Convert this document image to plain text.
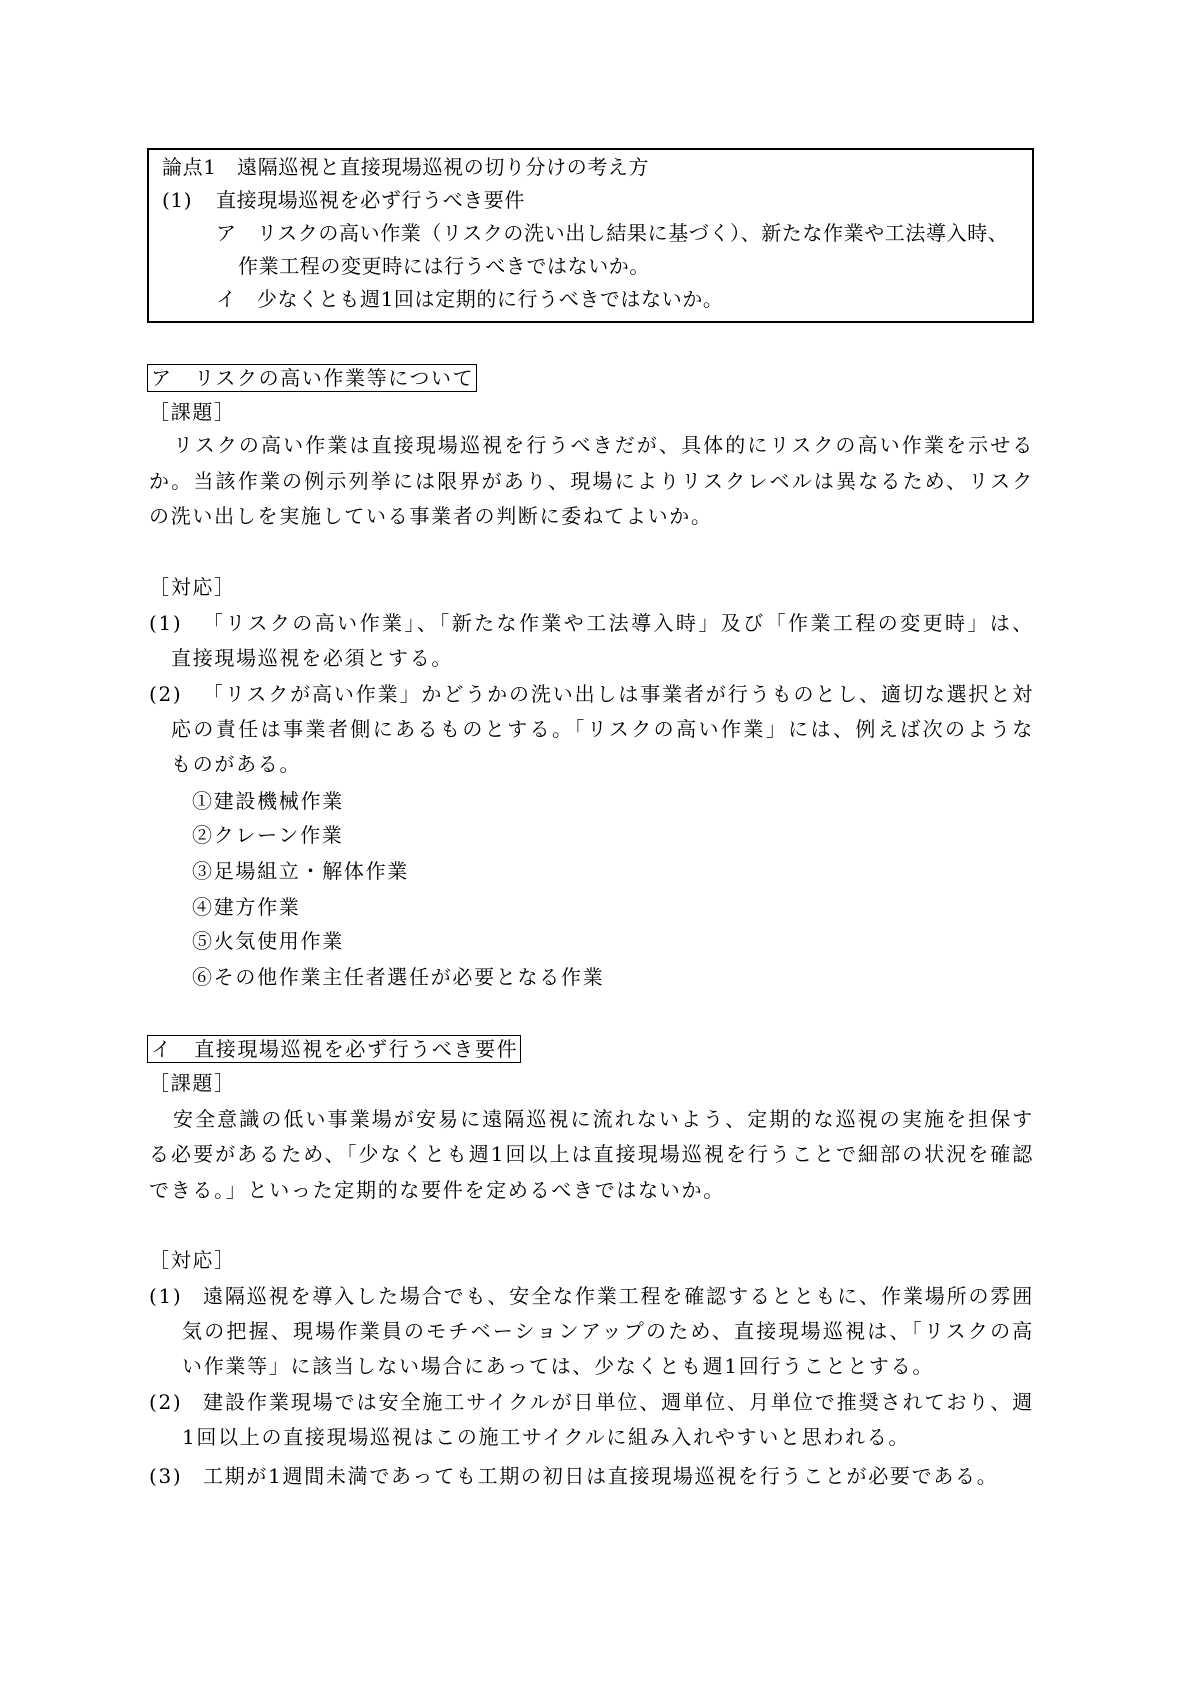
論点1　遠隔巡視と直接現場巡視の切り分けの考え方
(1) 直接現場巡視を必ず行うべき要件
ア リスクの高い作業（リスクの洗い出し結果に基づく）、新たな作業や工法導入時、
作業工程の変更時には行うべきではないか。
イ 少なくとも週1回は定期的に行うべきではないか。
ア　リスクの高い作業等について
［課題］
リスクの高い作業は直接現場巡視を行うべきだが、具体的にリスクの高い作業を示せる
か。当該作業の例示列挙には限界があり、現場によりリスクレベルは異なるため、リスク
の洗い出しを実施している事業者の判断に委ねてよいか。
［対応］
(1) 「リスクの高い作業」、「新たな作業や工法導入時」及び「作業工程の変更時」は、
直接現場巡視を必須とする。
(2) 「リスクが高い作業」かどうかの洗い出しは事業者が行うものとし、適切な選択と対
応の責任は事業者側にあるものとする。「リスクの高い作業」には、例えば次のような
ものがある。
①建設機械作業
②クレーン作業
③足場組立・解体作業
④建方作業
⑤火気使用作業
⑥その他作業主任者選任が必要となる作業
イ　直接現場巡視を必ず行うべき要件
［課題］
安全意識の低い事業場が安易に遠隔巡視に流れないよう、定期的な巡視の実施を担保す
る必要があるため、「少なくとも週1回以上は直接現場巡視を行うことで細部の状況を確認
できる。」といった定期的な要件を定めるべきではないか。
［対応］
(1) 遠隔巡視を導入した場合でも、安全な作業工程を確認するとともに、作業場所の雰囲
気の把握、現場作業員のモチベーションアップのため、直接現場巡視は、「リスクの高
い作業等」に該当しない場合にあっては、少なくとも週1回行うこととする。
(2) 建設作業現場では安全施工サイクルが日単位、週単位、月単位で推奨されており、週
1回以上の直接現場巡視はこの施工サイクルに組み入れやすいと思われる。
(3) 工期が1週間未満であっても工期の初日は直接現場巡視を行うことが必要である。
